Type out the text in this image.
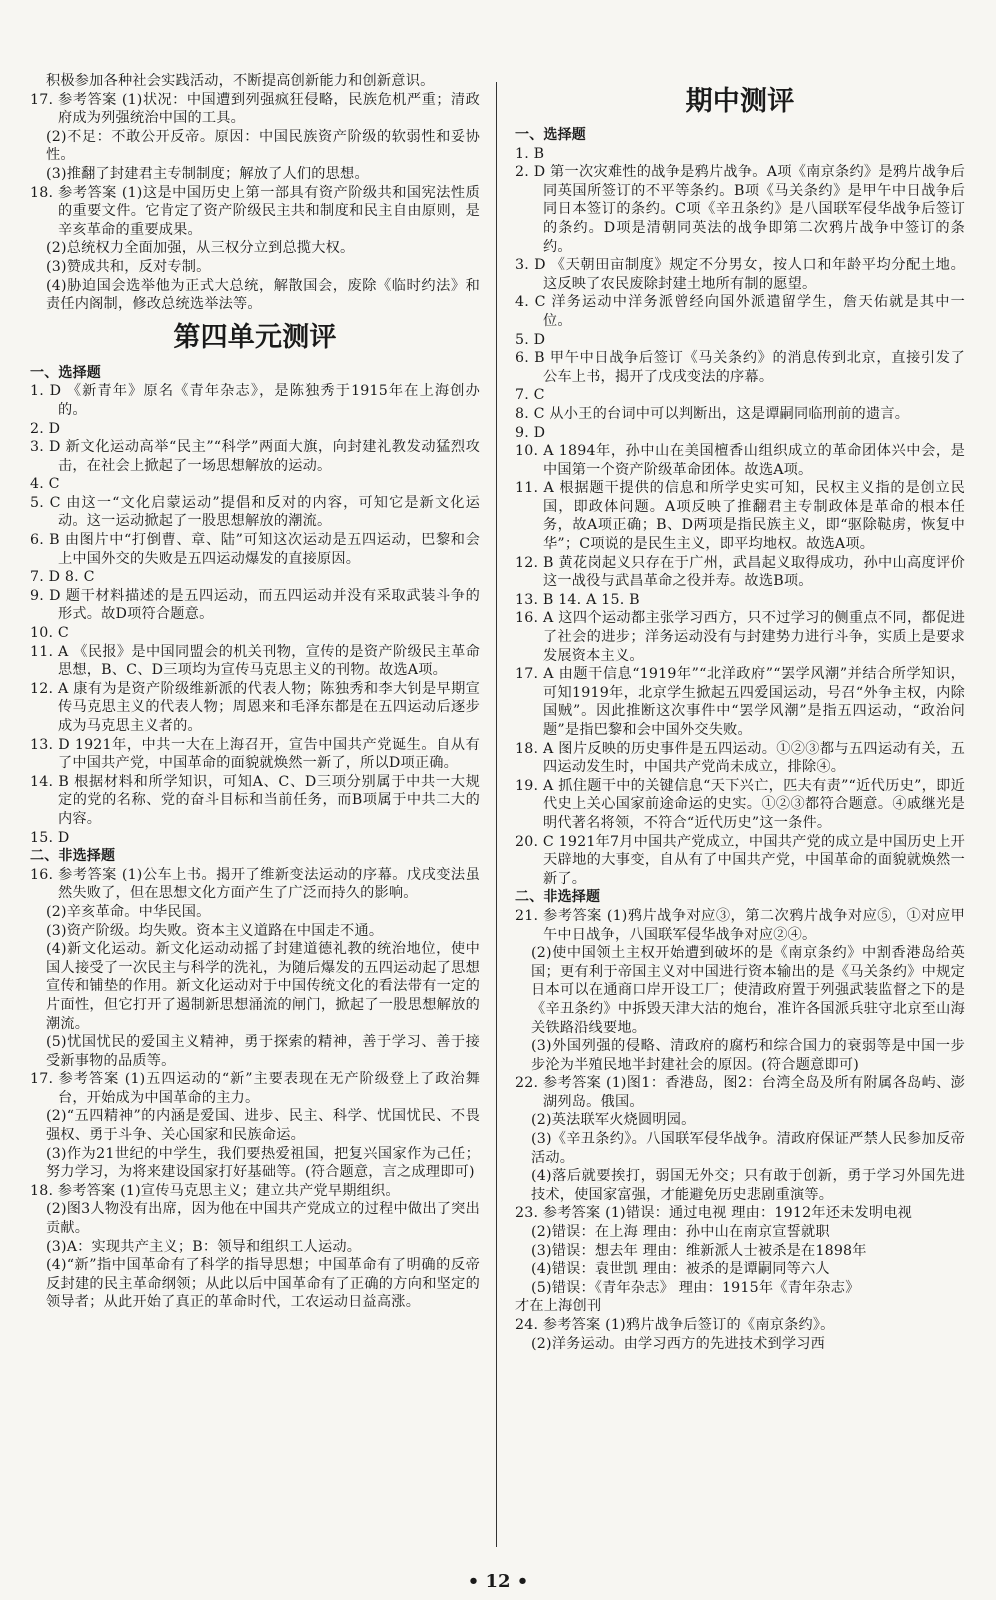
积极参加各种社会实践活动，不断提高创新能力和创新意识。
17. 参考答案 (1)状况：中国遭到列强疯狂侵略，民族危机严重；清政府成为列强统治中国的工具。
(2)不足：不敢公开反帝。原因：中国民族资产阶级的软弱性和妥协性。
(3)推翻了封建君主专制制度；解放了人们的思想。
18. 参考答案 (1)这是中国历史上第一部具有资产阶级共和国宪法性质的重要文件。它肯定了资产阶级民主共和制度和民主自由原则，是辛亥革命的重要成果。
(2)总统权力全面加强，从三权分立到总揽大权。
(3)赞成共和，反对专制。
(4)胁迫国会选举他为正式大总统，解散国会，废除《临时约法》和责任内阁制，修改总统选举法等。
第四单元测评
一、选择题
1. D 《新青年》原名《青年杂志》，是陈独秀于1915年在上海创办的。
2. D
3. D 新文化运动高举“民主”“科学”两面大旗，向封建礼教发动猛烈攻击，在社会上掀起了一场思想解放的运动。
4. C
5. C 由这一“文化启蒙运动”提倡和反对的内容，可知它是新文化运动。这一运动掀起了一股思想解放的潮流。
6. B 由图片中“打倒曹、章、陆”可知这次运动是五四运动，巴黎和会上中国外交的失败是五四运动爆发的直接原因。
7. D 8. C
9. D 题干材料描述的是五四运动，而五四运动并没有采取武装斗争的形式。故D项符合题意。
10. C
11. A 《民报》是中国同盟会的机关刊物，宣传的是资产阶级民主革命思想，B、C、D三项均为宣传马克思主义的刊物。故选A项。
12. A 康有为是资产阶级维新派的代表人物；陈独秀和李大钊是早期宣传马克思主义的代表人物；周恩来和毛泽东都是在五四运动后逐步成为马克思主义者的。
13. D 1921年，中共一大在上海召开，宣告中国共产党诞生。自从有了中国共产党，中国革命的面貌就焕然一新了，所以D项正确。
14. B 根据材料和所学知识，可知A、C、D三项分别属于中共一大规定的党的名称、党的奋斗目标和当前任务，而B项属于中共二大的内容。
15. D
二、非选择题
16. 参考答案 (1)公车上书。揭开了维新变法运动的序幕。戊戌变法虽然失败了，但在思想文化方面产生了广泛而持久的影响。
(2)辛亥革命。中华民国。
(3)资产阶级。均失败。资本主义道路在中国走不通。
(4)新文化运动。新文化运动动摇了封建道德礼教的统治地位，使中国人接受了一次民主与科学的洗礼，为随后爆发的五四运动起了思想宣传和铺垫的作用。新文化运动对于中国传统文化的看法带有一定的片面性，但它打开了遏制新思想涌流的闸门，掀起了一股思想解放的潮流。
(5)忧国忧民的爱国主义精神，勇于探索的精神，善于学习、善于接受新事物的品质等。
17. 参考答案 (1)五四运动的“新”主要表现在无产阶级登上了政治舞台，开始成为中国革命的主力。
(2)“五四精神”的内涵是爱国、进步、民主、科学、忧国忧民、不畏强权、勇于斗争、关心国家和民族命运。
(3)作为21世纪的中学生，我们要热爱祖国，把复兴国家作为己任；努力学习，为将来建设国家打好基础等。(符合题意，言之成理即可)
18. 参考答案 (1)宣传马克思主义；建立共产党早期组织。
(2)图3人物没有出席，因为他在中国共产党成立的过程中做出了突出贡献。
(3)A：实现共产主义；B：领导和组织工人运动。
(4)“新”指中国革命有了科学的指导思想；中国革命有了明确的反帝反封建的民主革命纲领；从此以后中国革命有了正确的方向和坚定的领导者；从此开始了真正的革命时代，工农运动日益高涨。
期中测评
一、选择题
1. B
2. D 第一次灾难性的战争是鸦片战争。A项《南京条约》是鸦片战争后同英国所签订的不平等条约。B项《马关条约》是甲午中日战争后同日本签订的条约。C项《辛丑条约》是八国联军侵华战争后签订的条约。D项是清朝同英法的战争即第二次鸦片战争中签订的条约。
3. D 《天朝田亩制度》规定不分男女，按人口和年龄平均分配土地。这反映了农民废除封建土地所有制的愿望。
4. C 洋务运动中洋务派曾经向国外派遣留学生，詹天佑就是其中一位。
5. D
6. B 甲午中日战争后签订《马关条约》的消息传到北京，直接引发了公车上书，揭开了戊戌变法的序幕。
7. C
8. C 从小王的台词中可以判断出，这是谭嗣同临刑前的遗言。
9. D
10. A 1894年，孙中山在美国檀香山组织成立的革命团体兴中会，是中国第一个资产阶级革命团体。故选A项。
11. A 根据题干提供的信息和所学史实可知，民权主义指的是创立民国，即政体问题。A项反映了推翻君主专制政体是革命的根本任务，故A项正确；B、D两项是指民族主义，即“驱除鞑虏，恢复中华”；C项说的是民生主义，即平均地权。故选A项。
12. B 黄花岗起义只存在于广州，武昌起义取得成功，孙中山高度评价这一战役与武昌革命之役并寿。故选B项。
13. B 14. A 15. B
16. A 这四个运动都主张学习西方，只不过学习的侧重点不同，都促进了社会的进步；洋务运动没有与封建势力进行斗争，实质上是要求发展资本主义。
17. A 由题干信息“1919年”“北洋政府”“罢学风潮”并结合所学知识，可知1919年，北京学生掀起五四爱国运动，号召“外争主权，内除国贼”。因此推断这次事件中“罢学风潮”是指五四运动，“政治问题”是指巴黎和会中国外交失败。
18. A 图片反映的历史事件是五四运动。①②③都与五四运动有关，五四运动发生时，中国共产党尚未成立，排除④。
19. A 抓住题干中的关键信息“天下兴亡，匹夫有责”“近代历史”，即近代史上关心国家前途命运的史实。①②③都符合题意。④戚继光是明代著名将领，不符合“近代历史”这一条件。
20. C 1921年7月中国共产党成立，中国共产党的成立是中国历史上开天辟地的大事变，自从有了中国共产党，中国革命的面貌就焕然一新了。
二、非选择题
21. 参考答案 (1)鸦片战争对应③，第二次鸦片战争对应⑤，①对应甲午中日战争，八国联军侵华战争对应②④。
(2)使中国领土主权开始遭到破坏的是《南京条约》中割香港岛给英国；更有利于帝国主义对中国进行资本输出的是《马关条约》中规定日本可以在通商口岸开设工厂；使清政府置于列强武装监督之下的是《辛丑条约》中拆毁天津大沽的炮台，准许各国派兵驻守北京至山海关铁路沿线要地。
(3)外国列强的侵略、清政府的腐朽和综合国力的衰弱等是中国一步步沦为半殖民地半封建社会的原因。(符合题意即可)
22. 参考答案 (1)图1：香港岛，图2：台湾全岛及所有附属各岛屿、澎湖列岛。俄国。
(2)英法联军火烧圆明园。
(3)《辛丑条约》。八国联军侵华战争。清政府保证严禁人民参加反帝活动。
(4)落后就要挨打，弱国无外交；只有敢于创新，勇于学习外国先进技术，使国家富强，才能避免历史悲剧重演等。
23. 参考答案 (1)错误：通过电视 理由：1912年还未发明电视
(2)错误：在上海 理由：孙中山在南京宣誓就职
(3)错误：想去年 理由：维新派人士被杀是在1898年
(4)错误：袁世凯 理由：被杀的是谭嗣同等六人
(5)错误：《青年杂志》 理由：1915年《青年杂志》
才在上海创刊
24. 参考答案 (1)鸦片战争后签订的《南京条约》。
(2)洋务运动。由学习西方的先进技术到学习西
• 12 •
